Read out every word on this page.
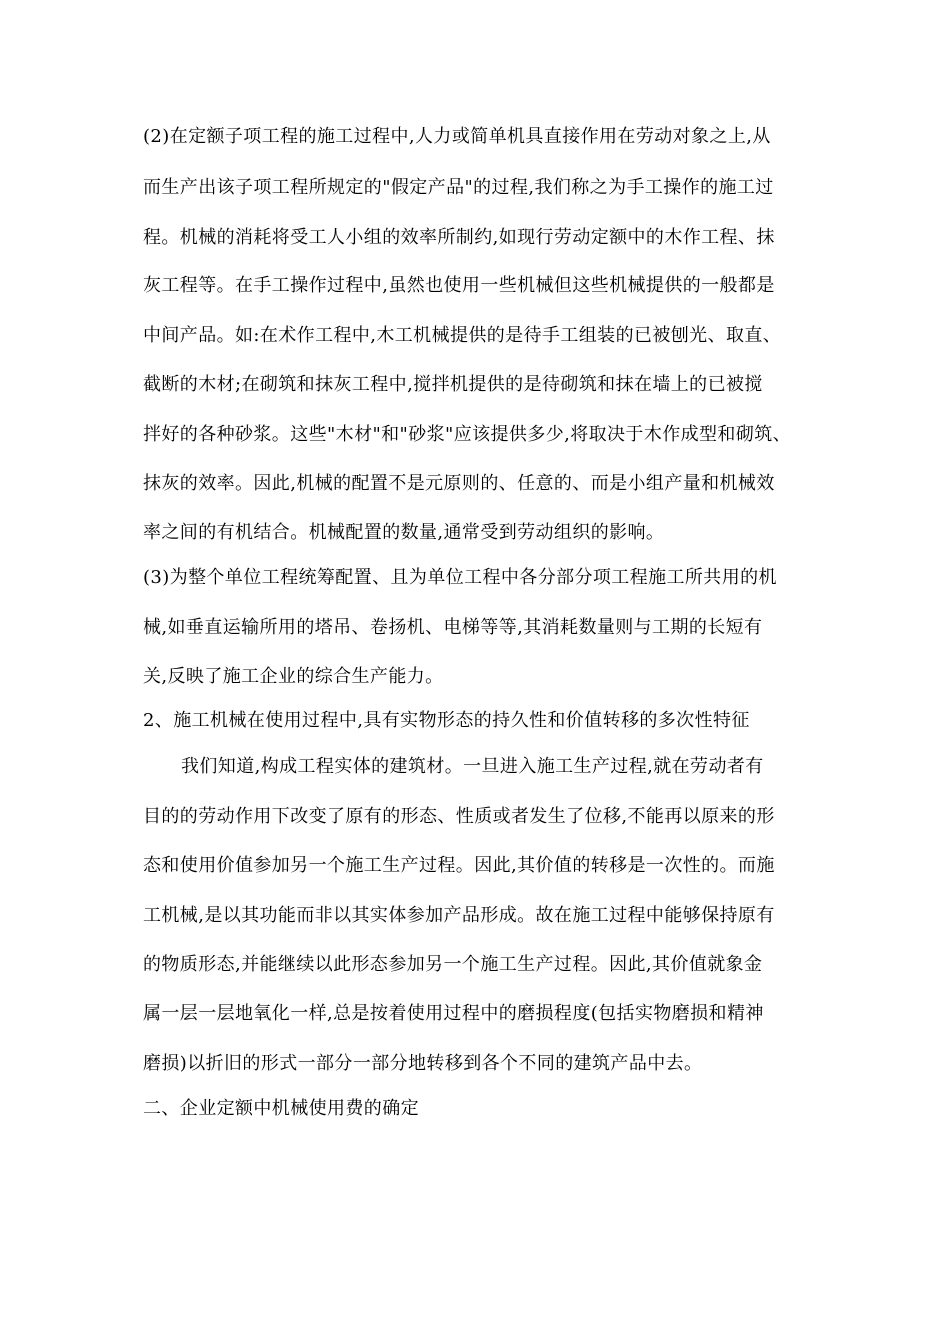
(2)在定额子项工程的施工过程中,人力或简单机具直接作用在劳动对象之上,从
而生产出该子项工程所规定的"假定产品"的过程,我们称之为手工操作的施工过
程。机械的消耗将受工人小组的效率所制约,如现行劳动定额中的木作工程、抹
灰工程等。在手工操作过程中,虽然也使用一些机械但这些机械提供的一般都是
中间产品。如:在术作工程中,木工机械提供的是待手工组装的已被刨光、取直、
截断的木材;在砌筑和抹灰工程中,搅拌机提供的是待砌筑和抹在墙上的已被搅
拌好的各种砂浆。这些"木材"和"砂浆"应该提供多少,将取决于木作成型和砌筑、
抹灰的效率。因此,机械的配置不是元原则的、任意的、而是小组产量和机械效
率之间的有机结合。机械配置的数量,通常受到劳动组织的影响。
(3)为整个单位工程统筹配置、且为单位工程中各分部分项工程施工所共用的机
械,如垂直运输所用的塔吊、卷扬机、电梯等等,其消耗数量则与工期的长短有
关,反映了施工企业的综合生产能力。
2、施工机械在使用过程中,具有实物形态的持久性和价值转移的多次性特征
我们知道,构成工程实体的建筑材。一旦进入施工生产过程,就在劳动者有
目的的劳动作用下改变了原有的形态、性质或者发生了位移,不能再以原来的形
态和使用价值参加另一个施工生产过程。因此,其价值的转移是一次性的。而施
工机械,是以其功能而非以其实体参加产品形成。故在施工过程中能够保持原有
的物质形态,并能继续以此形态参加另一个施工生产过程。因此,其价值就象金
属一层一层地氧化一样,总是按着使用过程中的磨损程度(包括实物磨损和精神
磨损)以折旧的形式一部分一部分地转移到各个不同的建筑产品中去。
二、企业定额中机械使用费的确定
